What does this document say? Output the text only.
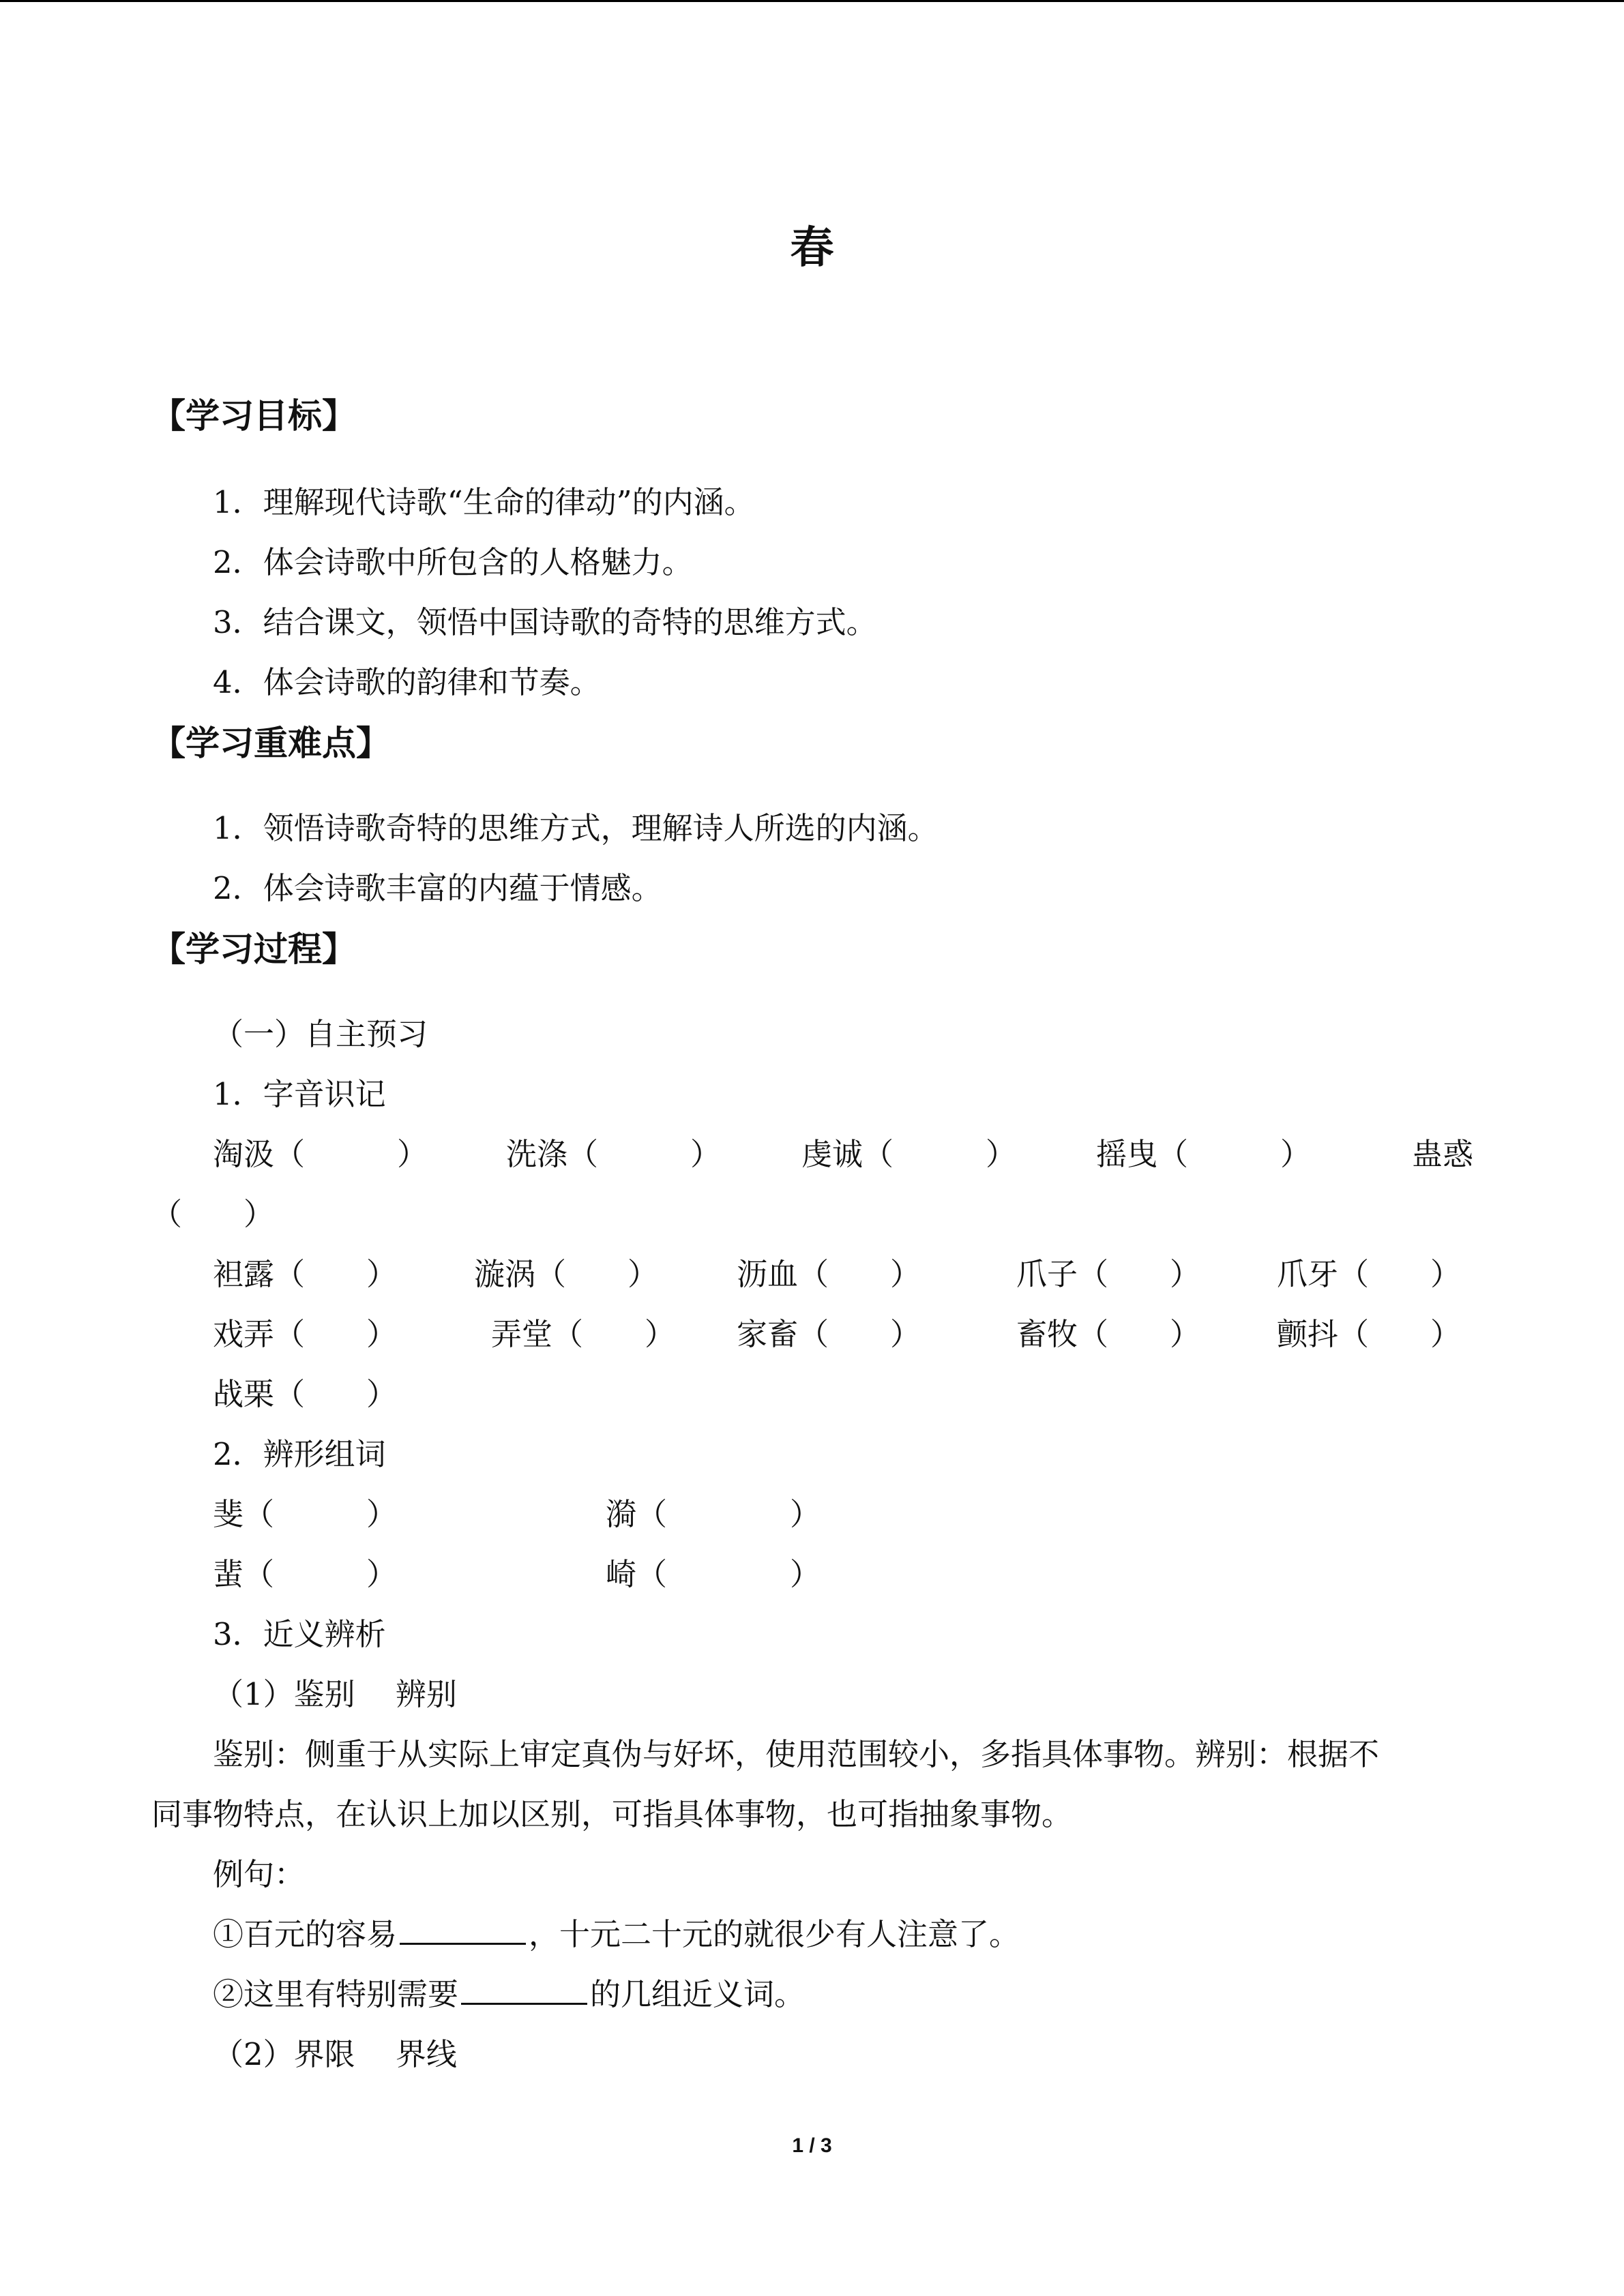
春
【学习目标】
1．理解现代诗歌“生命的律动”的内涵。
2．体会诗歌中所包含的人格魅力。
3．结合课文，领悟中国诗歌的奇特的思维方式。
4．体会诗歌的韵律和节奏。
【学习重难点】
1．领悟诗歌奇特的思维方式，理解诗人所选的内涵。
2．体会诗歌丰富的内蕴于情感。
【学习过程】
（一）自主预习
1．字音识记
淘汲（　　　）	洗涤（　　　）	虔诚（　　　）	摇曳（　　　）	蛊惑
（　　）
袒露（　　）	漩涡（　　）	沥血（　　）	爪子（　　） 爪牙（　　）
戏弄（　　）	弄堂（　　） 家畜（　　）	畜牧（　　） 颤抖（　　）
战栗（　　）
2．辨形组词
斐（　　　）	漪（　　　　）
蜚（　　　）	崎（　　　　）
3．近义辨析
（1）鉴别　 辨别
鉴别：侧重于从实际上审定真伪与好坏，使用范围较小，多指具体事物。辨别：根据不
同事物特点，在认识上加以区别，可指具体事物，也可指抽象事物。
例句：
①百元的容易	，十元二十元的就很少有人注意了。
②这里有特别需要	的几组近义词。
（2）界限　 界线
1 / 3
